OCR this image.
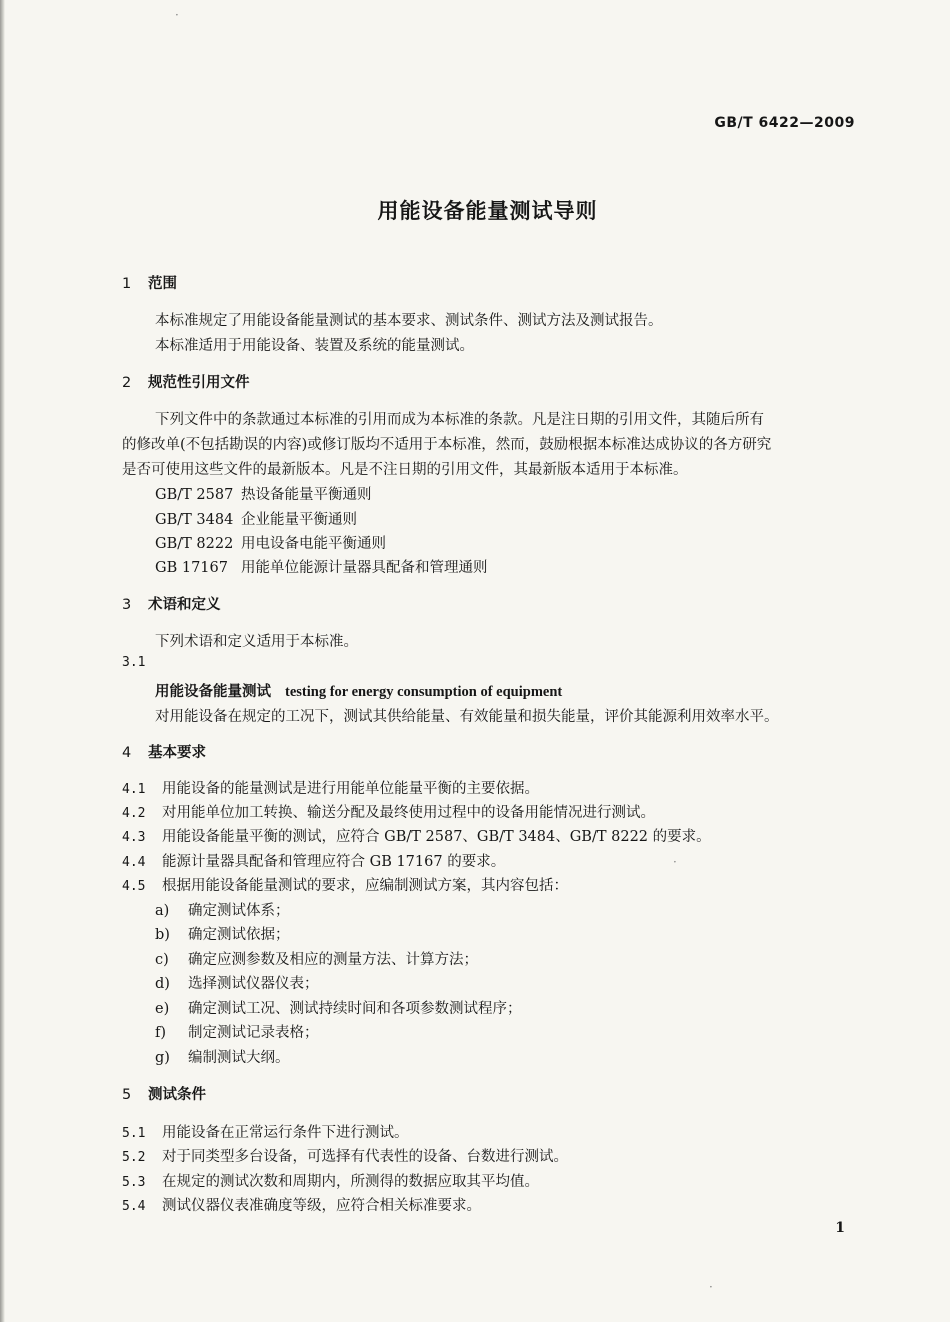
GB/T 6422—2009
用能设备能量测试导则
1 范围
本标准规定了用能设备能量测试的基本要求、测试条件、测试方法及测试报告。
本标准适用于用能设备、装置及系统的能量测试。
2 规范性引用文件
下列文件中的条款通过本标准的引用而成为本标准的条款。凡是注日期的引用文件，其随后所有
的修改单(不包括勘误的内容)或修订版均不适用于本标准，然而，鼓励根据本标准达成协议的各方研究
是否可使用这些文件的最新版本。凡是不注日期的引用文件，其最新版本适用于本标准。
GB/T 2587 热设备能量平衡通则
GB/T 3484 企业能量平衡通则
GB/T 8222 用电设备电能平衡通则
GB 17167 用能单位能源计量器具配备和管理通则
3 术语和定义
下列术语和定义适用于本标准。
3.1
用能设备能量测试 testing for energy consumption of equipment
对用能设备在规定的工况下，测试其供给能量、有效能量和损失能量，评价其能源利用效率水平。
4 基本要求
4.1 用能设备的能量测试是进行用能单位能量平衡的主要依据。
4.2 对用能单位加工转换、输送分配及最终使用过程中的设备用能情况进行测试。
4.3 用能设备能量平衡的测试，应符合 GB/T 2587、GB/T 3484、GB/T 8222 的要求。
4.4 能源计量器具配备和管理应符合 GB 17167 的要求。
4.5 根据用能设备能量测试的要求，应编制测试方案，其内容包括：
a) 确定测试体系；
b) 确定测试依据；
c) 确定应测参数及相应的测量方法、计算方法；
d) 选择测试仪器仪表；
e) 确定测试工况、测试持续时间和各项参数测试程序；
f) 制定测试记录表格；
g) 编制测试大纲。
5 测试条件
5.1 用能设备在正常运行条件下进行测试。
5.2 对于同类型多台设备，可选择有代表性的设备、台数进行测试。
5.3 在规定的测试次数和周期内，所测得的数据应取其平均值。
5.4 测试仪器仪表准确度等级，应符合相关标准要求。
1
·
·
·
